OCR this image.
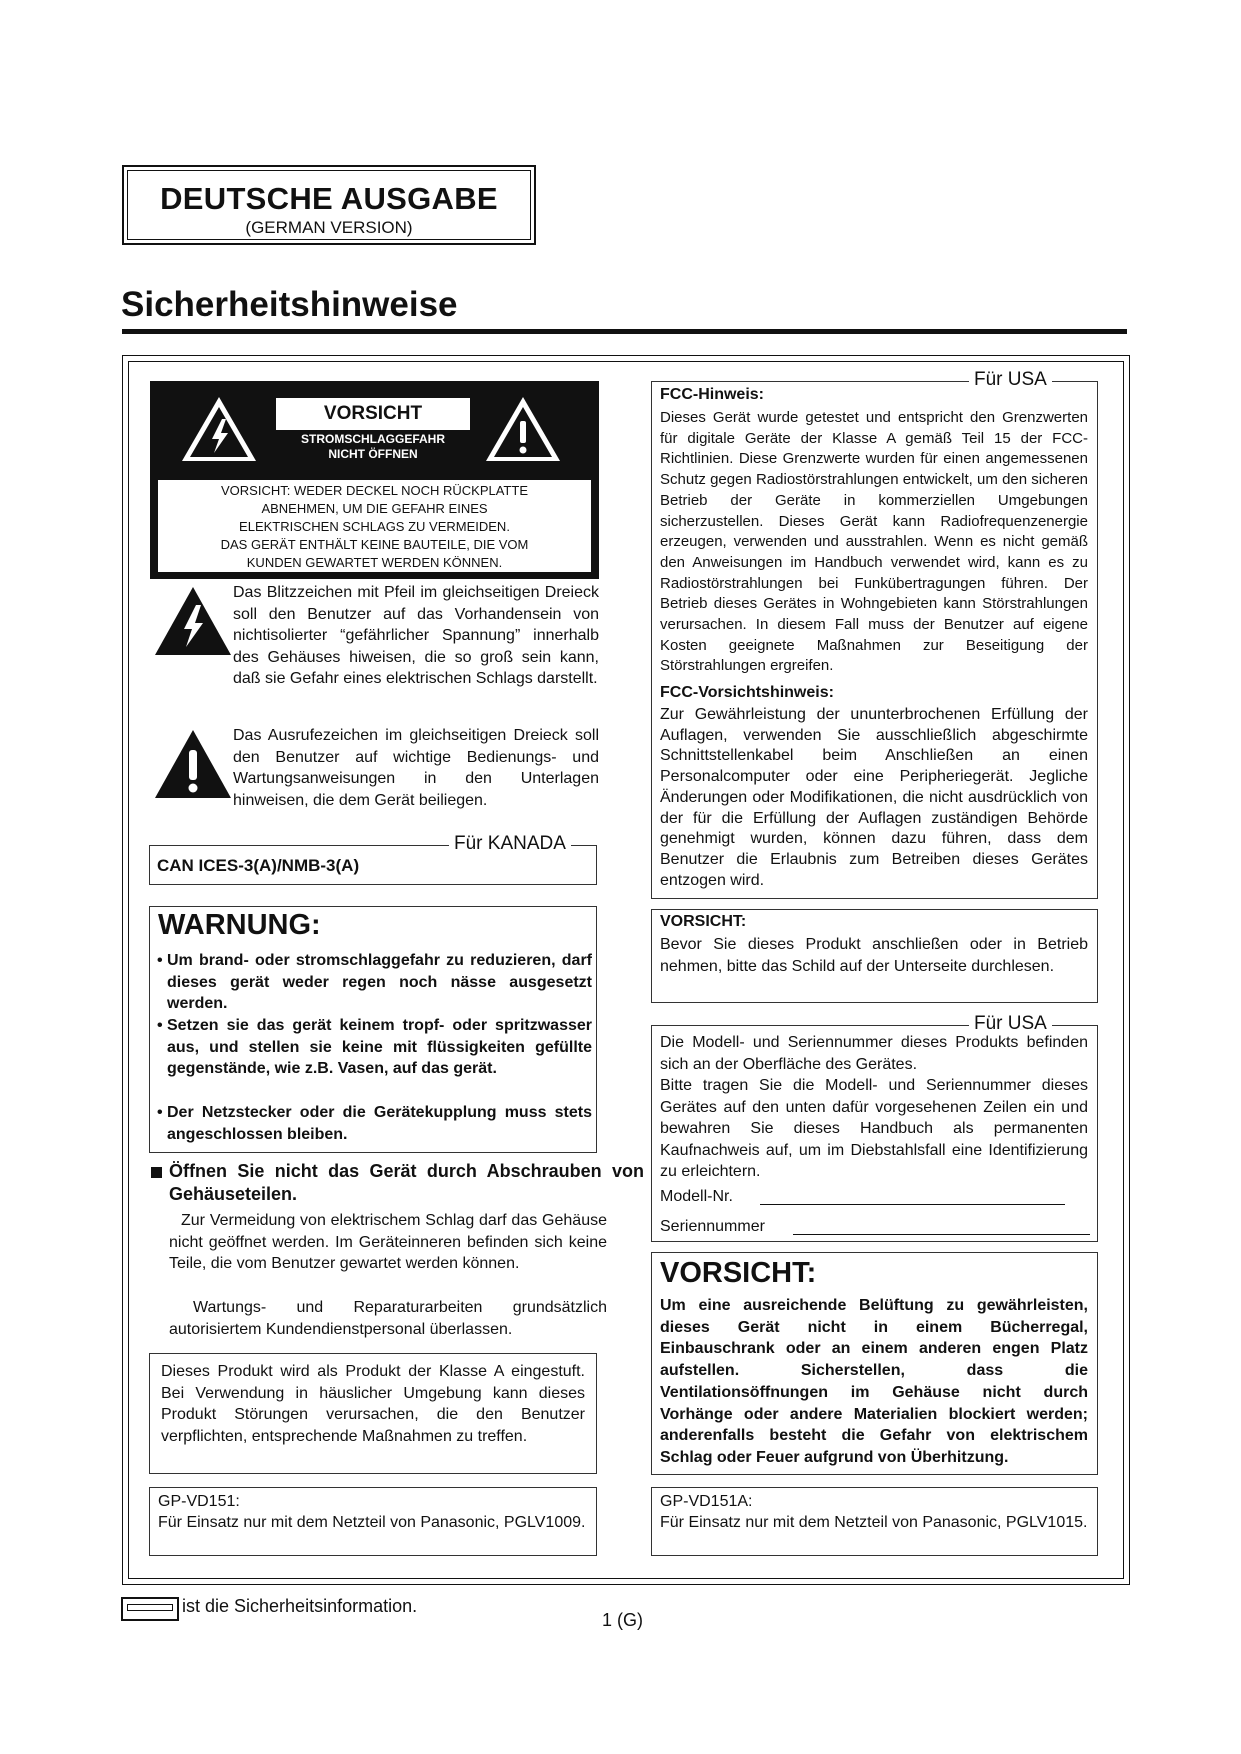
DEUTSCHE AUSGABE
(GERMAN VERSION)
Sicherheitshinweise
VORSICHT
STROMSCHLAGGEFAHR
NICHT ÖFFNEN
VORSICHT: WEDER DECKEL NOCH RÜCKPLATTE
ABNEHMEN, UM DIE GEFAHR EINES
ELEKTRISCHEN SCHLAGS ZU VERMEIDEN.
DAS GERÄT ENTHÄLT KEINE BAUTEILE, DIE VOM
KUNDEN GEWARTET WERDEN KÖNNEN.
Das Blitzzeichen mit Pfeil im gleichseitigen Dreieck soll den Benutzer auf das Vorhandensein von nichtisolierter “gefährlicher Spannung” innerhalb des Gehäuses hiweisen, die so groß sein kann, daß sie Gefahr eines elektrischen Schlags darstellt.
Das Ausrufezeichen im gleichseitigen Dreieck soll den Benutzer auf wichtige Bedienungs- und Wartungsanweisungen in den Unterlagen hinweisen, die dem Gerät beiliegen.
Für KANADA
CAN ICES-3(A)/NMB-3(A)
WARNUNG:
• Um brand- oder stromschlaggefahr zu reduzieren, darf dieses gerät weder regen noch nässe ausgesetzt werden.
• Setzen sie das gerät keinem tropf- oder spritzwasser aus, und stellen sie keine mit flüssigkeiten gefüllte gegenstände, wie z.B. Vasen, auf das gerät.
• Der Netzstecker oder die Gerätekupplung muss stets angeschlossen bleiben.
Öffnen Sie nicht das Gerät durch Abschrauben von Gehäuseteilen.
Zur Vermeidung von elektrischem Schlag darf das Gehäuse nicht geöffnet werden. Im Geräteinneren befinden sich keine Teile, die vom Benutzer gewartet werden können.
Wartungs- und Reparaturarbeiten grundsätzlich autorisiertem Kundendienstpersonal überlassen.
Dieses Produkt wird als Produkt der Klasse A eingestuft. Bei Verwendung in häuslicher Umgebung kann dieses Produkt Störungen verursachen, die den Benutzer verpflichten, entsprechende Maßnahmen zu treffen.
GP-VD151:
Für Einsatz nur mit dem Netzteil von Panasonic, PGLV1009.
Für USA
FCC-Hinweis:
Dieses Gerät wurde getestet und entspricht den Grenzwerten für digitale Geräte der Klasse A gemäß Teil 15 der FCC-Richtlinien. Diese Grenzwerte wurden für einen angemessenen Schutz gegen Radiostörstrahlungen entwickelt, um den sicheren Betrieb der Geräte in kommerziellen Umgebungen sicherzustellen. Dieses Gerät kann Radiofrequenzenergie erzeugen, verwenden und ausstrahlen. Wenn es nicht gemäß den Anweisungen im Handbuch verwendet wird, kann es zu Radiostörstrahlungen bei Funkübertragungen führen. Der Betrieb dieses Gerätes in Wohngebieten kann Störstrahlungen verursachen. In diesem Fall muss der Benutzer auf eigene Kosten geeignete Maßnahmen zur Beseitigung der Störstrahlungen ergreifen.
FCC-Vorsichtshinweis:
Zur Gewährleistung der ununterbrochenen Erfüllung der Auflagen, verwenden Sie ausschließlich abgeschirmte Schnittstellenkabel beim Anschließen an einen Personalcomputer oder eine Peripheriegerät. Jegliche Änderungen oder Modifikationen, die nicht ausdrücklich von der für die Erfüllung der Auflagen zuständigen Behörde genehmigt wurden, können dazu führen, dass dem Benutzer die Erlaubnis zum Betreiben dieses Gerätes entzogen wird.
VORSICHT:
Bevor Sie dieses Produkt anschließen oder in Betrieb nehmen, bitte das Schild auf der Unterseite durchlesen.
Für USA
Die Modell- und Seriennummer dieses Produkts befinden sich an der Oberfläche des Gerätes.
Bitte tragen Sie die Modell- und Seriennummer dieses Gerätes auf den unten dafür vorgesehenen Zeilen ein und bewahren Sie dieses Handbuch als permanenten Kaufnachweis auf, um im Diebstahlsfall eine Identifizierung zu erleichtern.
Modell-Nr.
Seriennummer
VORSICHT:
Um eine ausreichende Belüftung zu gewährleisten, dieses Gerät nicht in einem Bücherregal, Einbauschrank oder an einem anderen engen Platz aufstellen. Sicherstellen, dass die Ventilationsöffnungen im Gehäuse nicht durch Vorhänge oder andere Materialien blockiert werden; anderenfalls besteht die Gefahr von elektrischem Schlag oder Feuer aufgrund von Überhitzung.
GP-VD151A:
Für Einsatz nur mit dem Netzteil von Panasonic, PGLV1015.
ist die Sicherheitsinformation.
1 (G)
